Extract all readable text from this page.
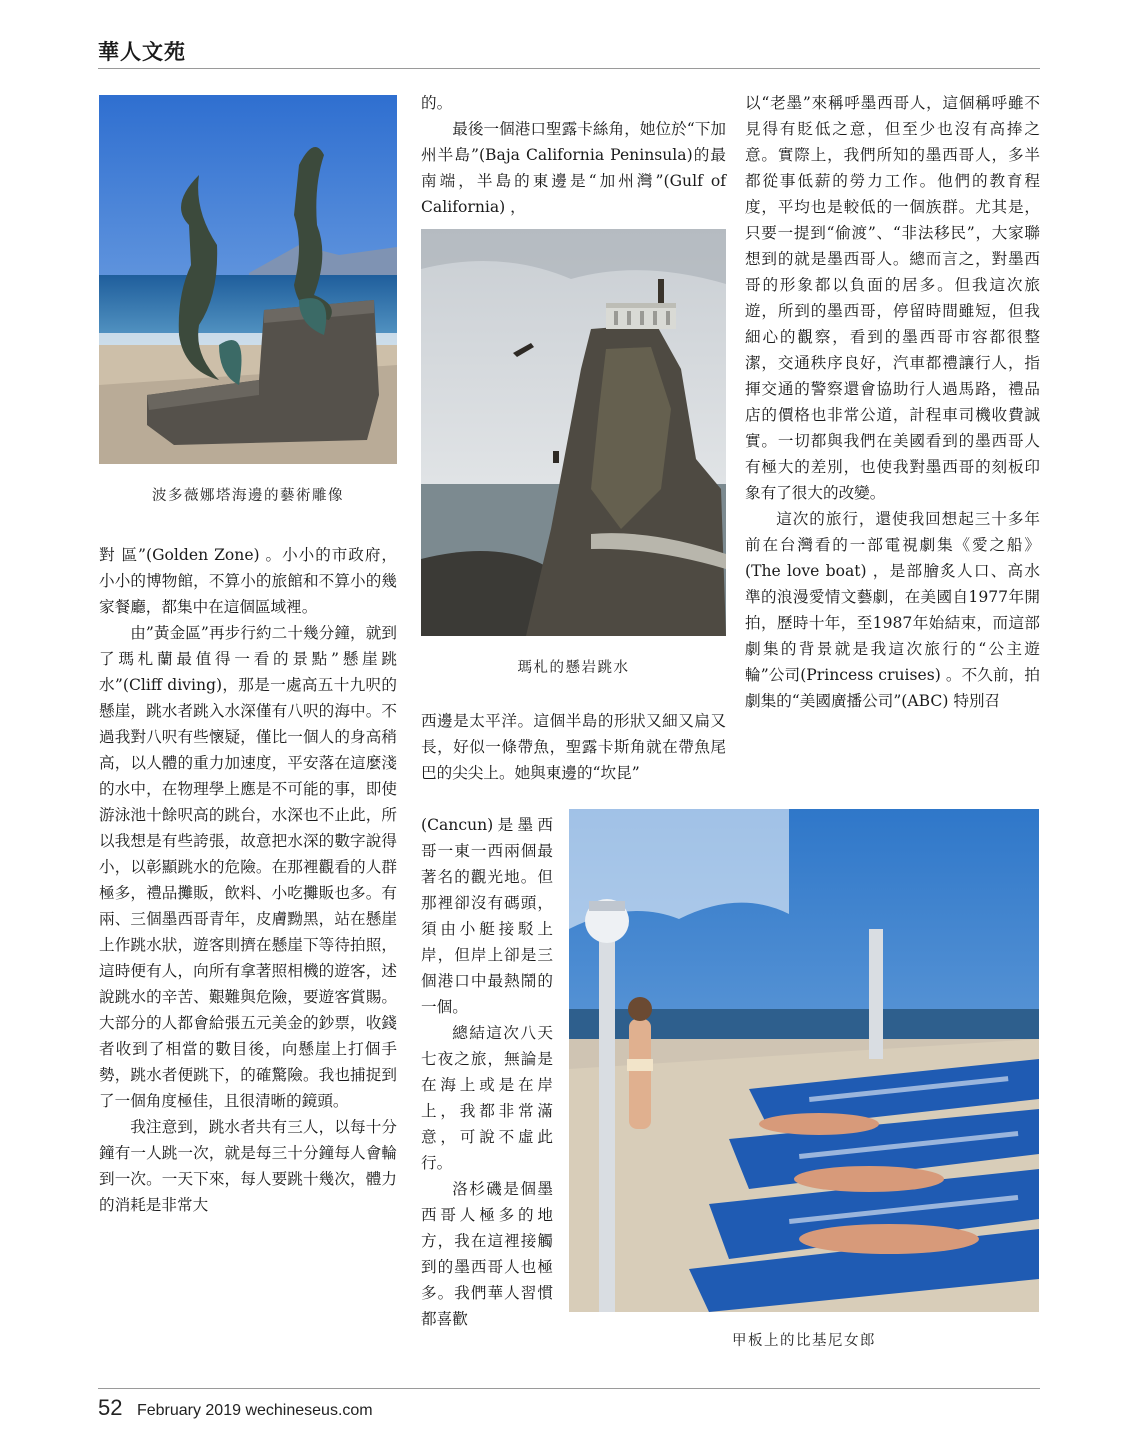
華人文苑
波多薇娜塔海邊的藝術雕像

對 區”(Golden Zone) 。小小的市政府，小小的博物館，不算小的旅館和不算小的幾家餐廳，都集中在這個區域裡。

由”黃金區”再步行約二十幾分鐘，就到了瑪札蘭最值得一看的景點”懸崖跳水”(Cliff diving)，那是一處高五十九呎的懸崖，跳水者跳入水深僅有八呎的海中。不過我對八呎有些懷疑，僅比一個人的身高稍高，以人體的重力加速度，平安落在這麼淺的水中，在物理學上應是不可能的事，即使游泳池十餘呎高的跳台，水深也不止此，所以我想是有些誇張，故意把水深的數字說得小，以彰顯跳水的危險。在那裡觀看的人群極多，禮品攤販，飲料、小吃攤販也多。有兩、三個墨西哥青年，皮膚黝黑，站在懸崖上作跳水狀，遊客則擠在懸崖下等待拍照，這時便有人，向所有拿著照相機的遊客，述說跳水的辛苦、艱難與危險，要遊客賞賜。大部分的人都會給張五元美金的鈔票，收錢者收到了相當的數目後，向懸崖上打個手勢，跳水者便跳下，的確驚險。我也捕捉到了一個角度極佳，且很清晰的鏡頭。

我注意到，跳水者共有三人，以每十分鐘有一人跳一次，就是每三十分鐘每人會輪到一次。一天下來，每人要跳十幾次，體力的消耗是非常大

的。

最後一個港口聖露卡絲角，她位於“下加州半島”(Baja California Peninsula)的最南端，半島的東邊是“加州灣”(Gulf of California) ，

瑪札的懸岩跳水

西邊是太平洋。這個半島的形狀又細又扁又長，好似一條帶魚，聖露卡斯角就在帶魚尾巴的尖尖上。她與東邊的“坎昆”

(Cancun)是墨西哥一東一西兩個最著名的觀光地。但那裡卻沒有碼頭，須由小艇接駁上岸，但岸上卻是三個港口中最熱鬧的一個。

總結這次八天七夜之旅，無論是在海上或是在岸上，我都非常滿意，可說不虛此行。

洛杉磯是個墨西哥人極多的地方，我在這裡接觸到的墨西哥人也極多。我們華人習慣都喜歡

以“老墨”來稱呼墨西哥人，這個稱呼雖不見得有貶低之意，但至少也沒有高捧之意。實際上，我們所知的墨西哥人，多半都從事低薪的勞力工作。他們的教育程度，平均也是較低的一個族群。尤其是，只要一提到“偷渡”、“非法移民”，大家聯想到的就是墨西哥人。總而言之，對墨西哥的形象都以負面的居多。但我這次旅遊，所到的墨西哥，停留時間雖短，但我細心的觀察，看到的墨西哥市容都很整潔，交通秩序良好，汽車都禮讓行人，指揮交通的警察還會協助行人過馬路，禮品店的價格也非常公道，計程車司機收費誠實。一切都與我們在美國看到的墨西哥人有極大的差別，也使我對墨西哥的刻板印象有了很大的改變。

這次的旅行，還使我回想起三十多年前在台灣看的一部電視劇集《愛之船》(The love boat) ，是部膾炙人口、高水準的浪漫愛情文藝劇，在美國自1977年開拍，歷時十年，至1987年始結束，而這部劇集的背景就是我這次旅行的“公主遊輪”公司(Princess cruises) 。不久前，拍劇集的“美國廣播公司”(ABC) 特別召

甲板上的比基尼女郎
52 February 2019 wechineseus.com
